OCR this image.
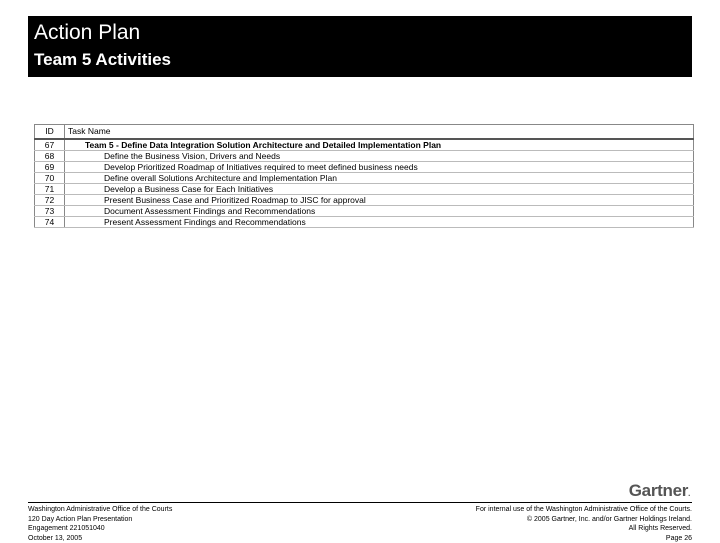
Action Plan
Team 5 Activities
ID	Task Name
67	Team 5 - Define Data Integration Solution Architecture and Detailed Implementation Plan
68	Define the Business Vision, Drivers and Needs
69	Develop Prioritized Roadmap of Initiatives required to meet defined business needs
70	Define overall Solutions Architecture and Implementation Plan
71	Develop a Business Case for Each Initiatives
72	Present Business Case and Prioritized Roadmap to JISC for approval
73	Document Assessment Findings and Recommendations
74	Present Assessment Findings and Recommendations
Gartner.
Washington Administrative Office of the Courts
120 Day Action Plan Presentation
Engagement 221051040
October 13, 2005
For internal use of the Washington Administrative Office of the Courts.
© 2005 Gartner, Inc. and/or Gartner Holdings Ireland.
All Rights Reserved.
Page 26
